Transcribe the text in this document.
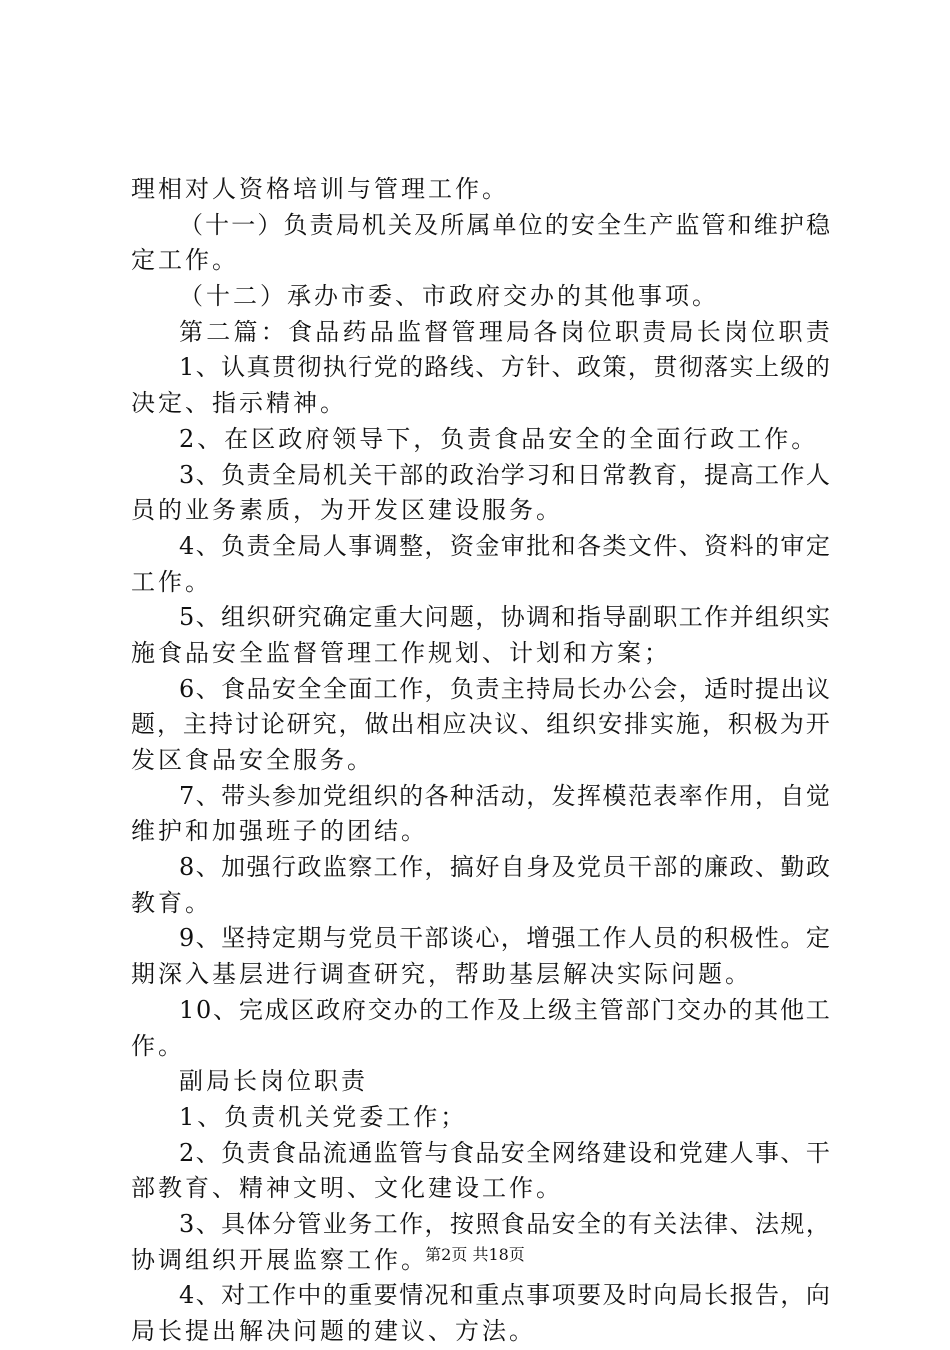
理相对人资格培训与管理工作。
（ 十 一 ） 负 责 局 机 关 及 所 属 单 位 的 安 全 生 产 监 管 和 维 护 稳
定工作。
（十二）承办市委、市政府交办的其他事项。
第 二 篇 ： 食 品 药 品 监 督 管 理 局 各 岗 位 职 责 局 长 岗 位 职 责
1 、 认 真 贯 彻 执 行 党 的 路 线 、 方 针 、 政 策 ， 贯 彻 落 实 上 级 的
决定、指示精神。
2、在区政府领导下，负责食品安全的全面行政工作。
3 、 负 责 全 局 机 关 干 部 的 政 治 学 习 和 日 常 教 育 ， 提 高 工 作 人
员的业务素质，为开发区建设服务。
4 、 负 责 全 局 人 事 调 整 ， 资 金 审 批 和 各 类 文 件 、 资 料 的 审 定
工作。
5 、 组 织 研 究 确 定 重 大 问 题 ， 协 调 和 指 导 副 职 工 作 并 组 织 实
施食品安全监督管理工作规划、计划和方案；
6 、 食 品 安 全 全 面 工 作 ， 负 责 主 持 局 长 办 公 会 ， 适 时 提 出 议
题 ， 主 持 讨 论 研 究 ， 做 出 相 应 决 议 、 组 织 安 排 实 施 ， 积 极 为 开
发区食品安全服务。
7 、 带 头 参 加 党 组 织 的 各 种 活 动 ， 发 挥 模 范 表 率 作 用 ， 自 觉
维护和加强班子的团结。
8 、 加 强 行 政 监 察 工 作 ， 搞 好 自 身 及 党 员 干 部 的 廉 政 、 勤 政
教育。
9 、 坚 持 定 期 与 党 员 干 部 谈 心 ， 增 强 工 作 人 员 的 积 极 性 。 定
期深入基层进行调查研究，帮助基层解决实际问题。
1 0 、 完 成 区 政 府 交 办 的 工 作 及 上 级 主 管 部 门 交 办 的 其 他 工
作。
副局长岗位职责
1、负责机关党委工作；
2 、 负 责 食 品 流 通 监 管 与 食 品 安 全 网 络 建 设 和 党 建 人 事 、 干
部教育、精神文明、文化建设工作。
3 、 具 体 分 管 业 务 工 作 ， 按 照 食 品 安 全 的 有 关 法 律 、 法 规 ，
协调组织开展监察工作。
4 、 对 工 作 中 的 重 要 情 况 和 重 点 事 项 要 及 时 向 局 长 报 告 ， 向
局长提出解决问题的建议、方法。
第2页 共18页
